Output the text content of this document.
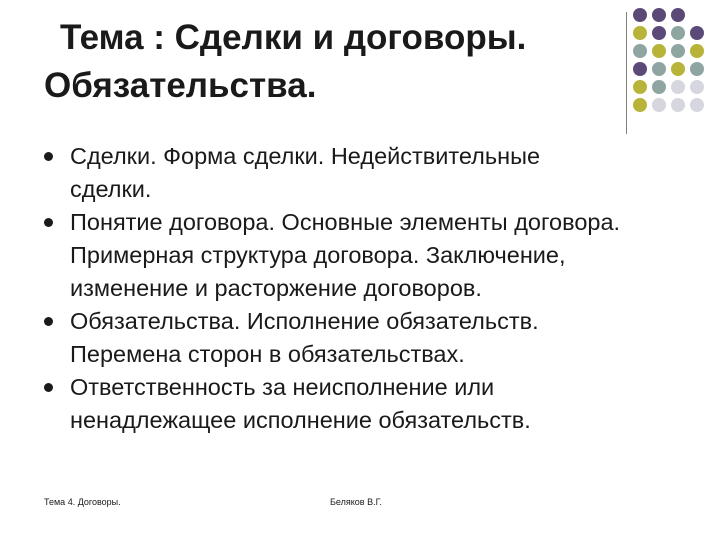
Тема : Сделки и договоры.
Обязательства.
Сделки. Форма сделки. Недействительные
сделки.
Понятие договора. Основные элементы договора.
Примерная структура договора. Заключение,
изменение и расторжение договоров.
Обязательства. Исполнение обязательств.
Перемена сторон в обязательствах.
Ответственность за неисполнение или
ненадлежащее исполнение обязательств.
Тема 4. Договоры.	Беляков В.Г.
